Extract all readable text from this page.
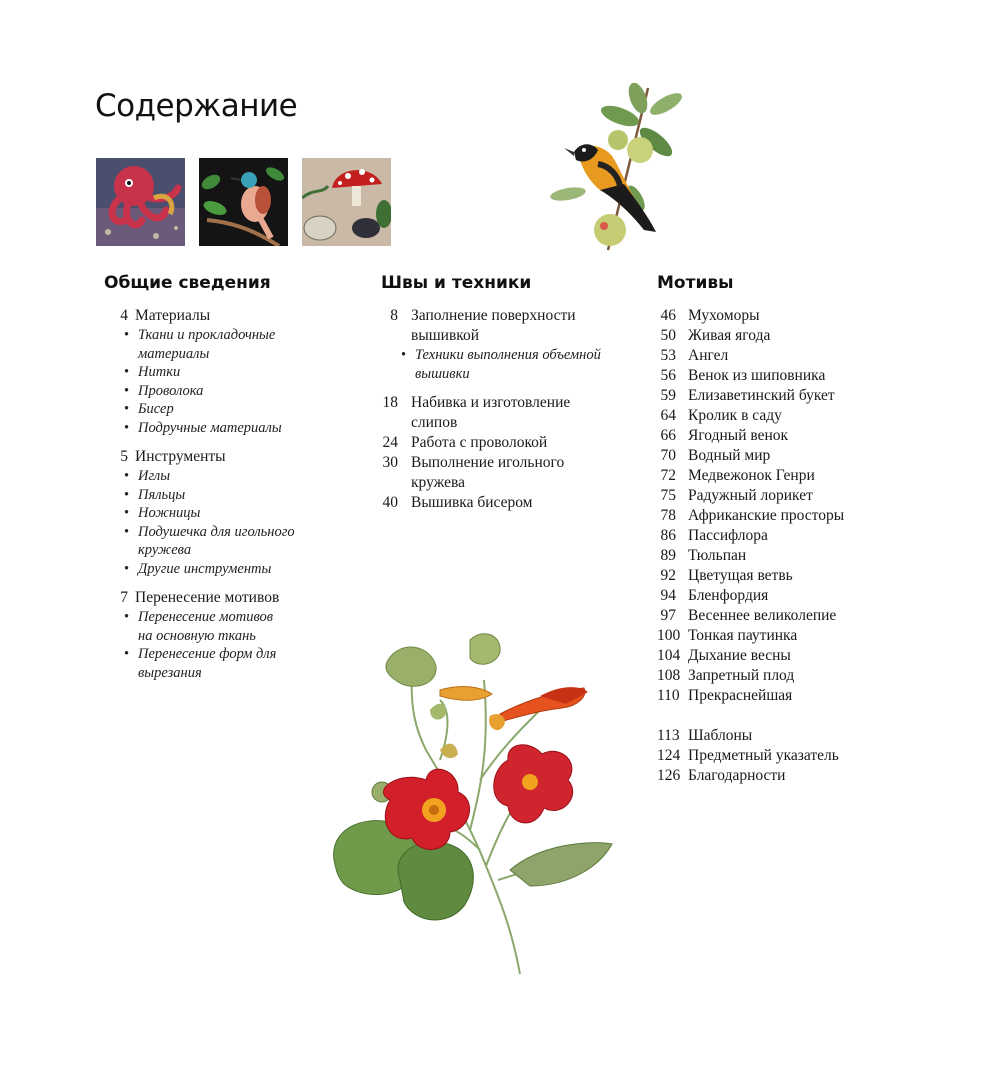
Содержание
Общие сведения	Швы и техники	Мотивы
4 Материалы
• Ткани и прокладочные
материалы
• Нитки
• Проволока
• Бисер
• Подручные материалы
5 Инструменты
• Иглы
• Пяльцы
• Ножницы
• Подушечка для игольного
кружева
• Другие инструменты
7 Перенесение мотивов
• Перенесение мотивов
на основную ткань
• Перенесение форм для
вырезания
8 Заполнение поверхности
вышивкой
• Техники выполнения объемной
вышивки
18 Набивка и изготовление
слипов
24 Работа с проволокой
30 Выполнение игольного
кружева
40 Вышивка бисером
46 Мухоморы
50 Живая ягода
53 Ангел
56 Венок из шиповника
59 Елизаветинский букет
64 Кролик в саду
66 Ягодный венок
70 Водный мир
72 Медвежонок Генри
75 Радужный лорикет
78 Африканские просторы
86 Пассифлора
89 Тюльпан
92 Цветущая ветвь
94 Бленфордия
97 Весеннее великолепие
100 Тонкая паутинка
104 Дыхание весны
108 Запретный плод
110 Прекраснейшая
113 Шаблоны
124 Предметный указатель
126 Благодарности
